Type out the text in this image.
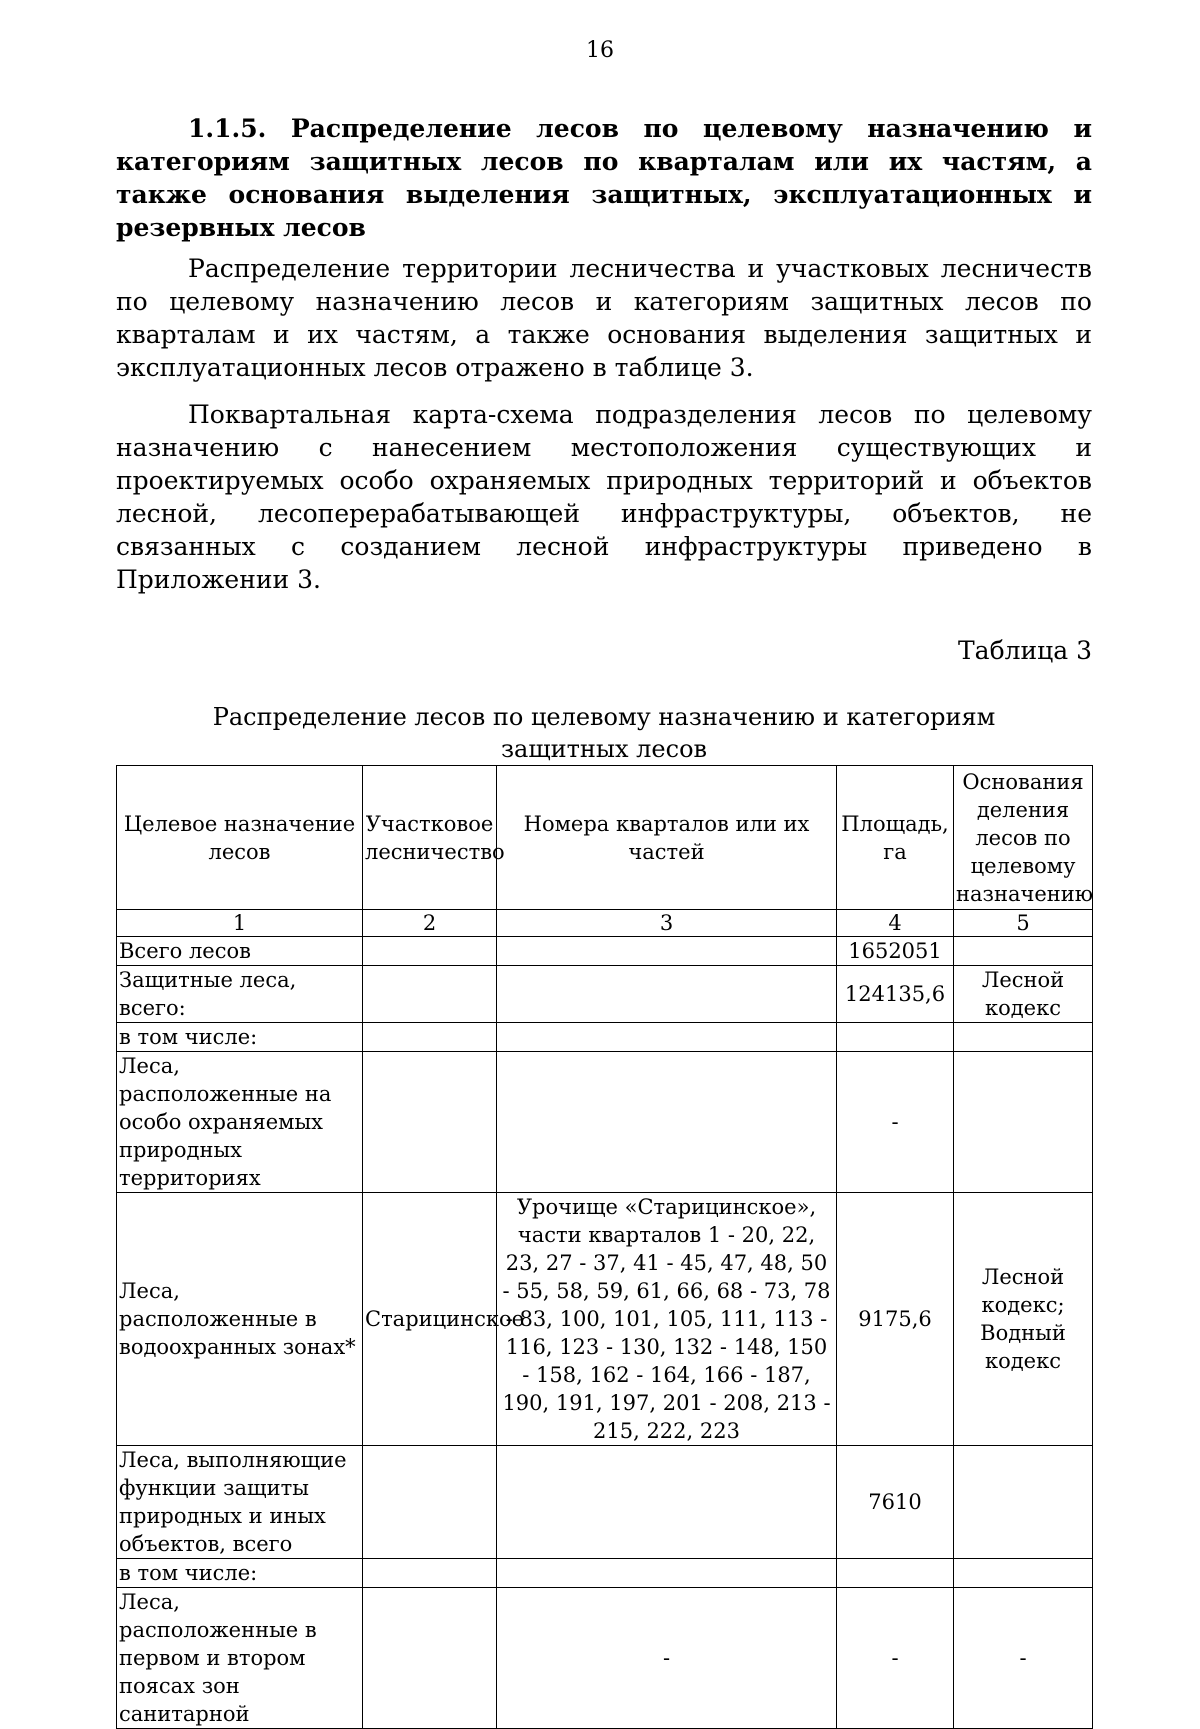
16

1.1.5. Распределение лесов по целевому назначению и категориям защитных лесов по кварталам или их частям, а также основания выделения защитных, эксплуатационных и резервных лесов

Распределение территории лесничества и участковых лесничеств по целевому назначению лесов и категориям защитных лесов по кварталам и их частям, а также основания выделения защитных и эксплуатационных лесов отражено в таблице 3.

Поквартальная карта-схема подразделения лесов по целевому назначению с нанесением местоположения существующих и проектируемых особо охраняемых природных территорий и объектов лесной, лесоперерабатывающей инфраструктуры, объектов, не связанных с созданием лесной инфраструктуры приведено в Приложении 3.

Таблица 3
Распределение лесов по целевому назначению и категориям защитных лесов
Целевое назначение лесов	Участковое лесничество	Номера кварталов или их частей	Площадь, га	Основания деления лесов по целевому назначению
1	2	3	4	5
Всего лесов			1652051	
Защитные леса, всего:			124135,6	Лесной кодекс
в том числе:				
Леса, расположенные на особо охраняемых природных территориях			-	
Леса, расположенные в водоохранных зонах*	Старицинское	Урочище «Старицинское», части кварталов 1 - 20, 22, 23, 27 - 37, 41 - 45, 47, 48, 50 - 55, 58, 59, 61, 66, 68 - 73, 78 - 83, 100, 101, 105, 111, 113 - 116, 123 - 130, 132 - 148, 150 - 158, 162 - 164, 166 - 187, 190, 191, 197, 201 - 208, 213 - 215, 222, 223	9175,6	Лесной кодекс; Водный кодекс
Леса, выполняющие функции защиты природных и иных объектов, всего			7610	
в том числе:				
Леса, расположенные в первом и втором поясах зон санитарной		-	-	-
